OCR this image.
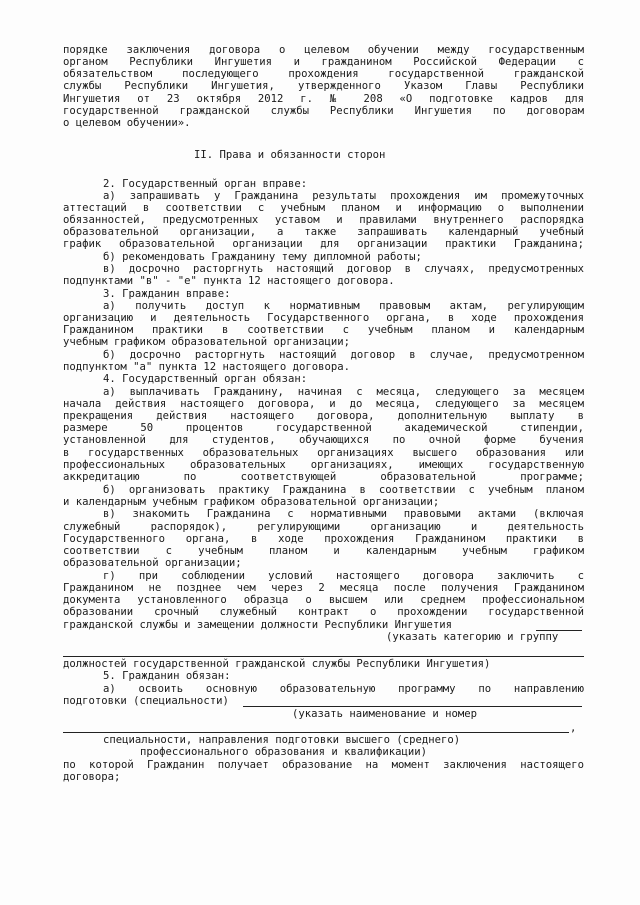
порядке заключения договора о целевом обучении между государственным
органом Республики Ингушетия и гражданином Российской Федерации с
обязательством последующего прохождения государственной гражданской
службы Республики Ингушетия, утвержденного Указом Главы Республики
Ингушетия от 23 октября 2012 г. № 208 «О подготовке кадров для
государственной гражданской службы Республики Ингушетия по договорам
о целевом обучении».
II. Права и обязанности сторон
2. Государственный орган вправе:
а) запрашивать у Гражданина результаты прохождения им промежуточных
аттестаций в соответствии с учебным планом и информацию о выполнении
обязанностей, предусмотренных уставом и правилами внутреннего распорядка
образовательной организации, а также запрашивать календарный учебный
график образовательной организации для организации практики Гражданина;
б) рекомендовать Гражданину тему дипломной работы;
в) досрочно расторгнуть настоящий договор в случаях, предусмотренных
подпунктами "в" - "е" пункта 12 настоящего договора.
3. Гражданин вправе:
а) получить доступ к нормативным правовым актам, регулирующим
организацию и деятельность Государственного органа, в ходе прохождения
Гражданином практики в соответствии с учебным планом и календарным
учебным графиком образовательной организации;
б) досрочно расторгнуть настоящий договор в случае, предусмотренном
подпунктом "а" пункта 12 настоящего договора.
4. Государственный орган обязан:
а) выплачивать Гражданину, начиная с месяца, следующего за месяцем
начала действия настоящего договора, и до месяца, следующего за месяцем
прекращения действия настоящего договора, дополнительную выплату в
размере 50 процентов государственной академической стипендии,
установленной для студентов, обучающихся по очной форме бучения
в государственных образовательных организациях высшего образования или
профессиональных образовательных организациях, имеющих государственную
аккредитацию по соответствующей образовательной программе;
б) организовать практику Гражданина в соответствии с учебным планом
и календарным учебным графиком образовательной организации;
в) знакомить Гражданина с нормативными правовыми актами (включая
служебный распорядок), регулирующими организацию и деятельность
Государственного органа, в ходе прохождения Гражданином практики в
соответствии с учебным планом и календарным учебным графиком
образовательной организации;
г) при соблюдении условий настоящего договора заключить с
Гражданином не позднее чем через 2 месяца после получения Гражданином
документа установленного образца о высшем или среднем профессиональном
образовании срочный служебный контракт о прохождении государственной
гражданской службы и замещении должности Республики Ингушетия
(указать категорию и группу
должностей государственной гражданской службы Республики Ингушетия)
5. Гражданин обязан:
а) освоить основную образовательную программу по направлению
подготовки (специальности)
(указать наименование и номер
,
специальности, направления подготовки высшего (среднего)
профессионального образования и квалификации)
по которой Гражданин получает образование на момент заключения настоящего
договора;
